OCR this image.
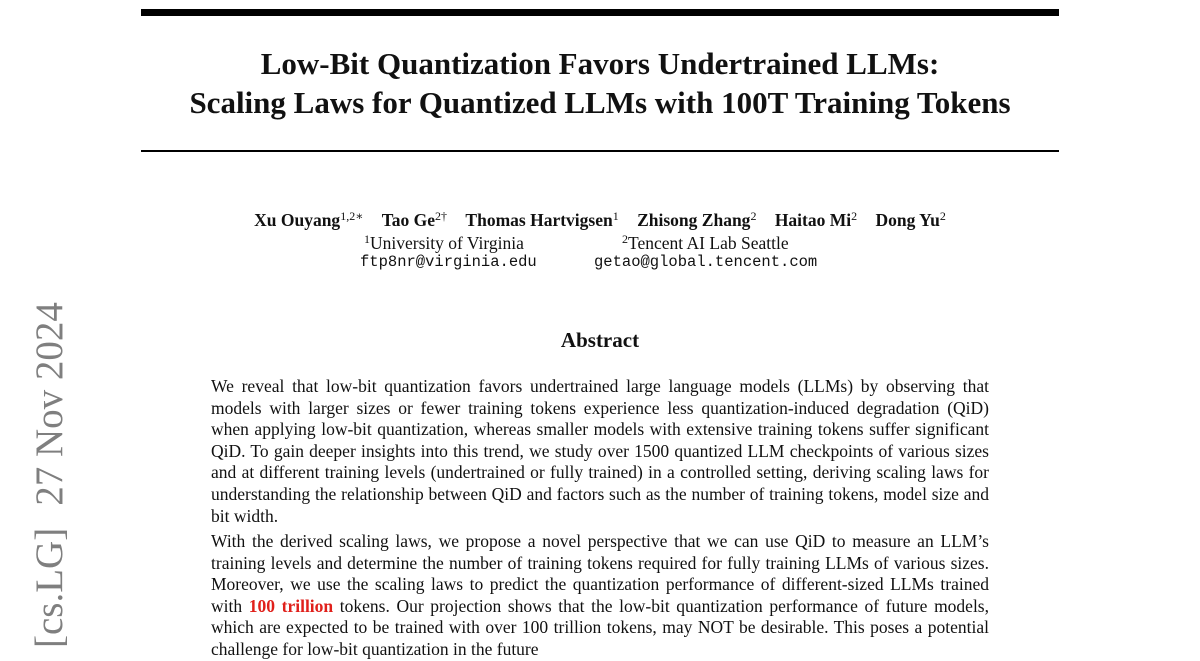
Low-Bit Quantization Favors Undertrained LLMs:
Scaling Laws for Quantized LLMs with 100T Training Tokens
Xu Ouyang$^{1,2∗}$ Tao $Ge^{2\dagger}$ Thomas Hartvigsen$^1$ Zhisong Zhang$^2$ Haitao Mi$^2$ Dong Yu$^2$
$^1$University of Virginia	$^2$Tencent AI Lab Seattle
ftp8nr@virginia.edu	getao@global.tencent.com
[cs.LG]27 Nov 2024	Abstract

We reveal that low-bit quantization favors undertrained large language models (LLMs) by observing that models with larger sizes or fewer training tokens experience less quantization-induced degradation (QiD) when applying low-bit quantization, whereas smaller models with extensive training tokens suffer significant QiD. To gain deeper insights into this trend, we study over 1500 quantized LLM checkpoints of various sizes and at different training levels (undertrained or fully trained) in a controlled setting, deriving scaling laws for understanding the relationship between QiD and factors such as the number of training tokens, model size and bit width.

With the derived scaling laws, we propose a novel perspective that we can use QiD to measure an LLM’s training levels and determine the number of training tokens required for fully training LLMs of various sizes. Moreover, we use the scaling laws to predict the quantization performance of different-sized LLMs trained with 100 trillion tokens. Our projection shows that the low-bit quantization performance of future models, which are expected to be trained with over 100 trillion tokens, may NOT be desirable. This poses a potential challenge for low-bit quantization in the future
